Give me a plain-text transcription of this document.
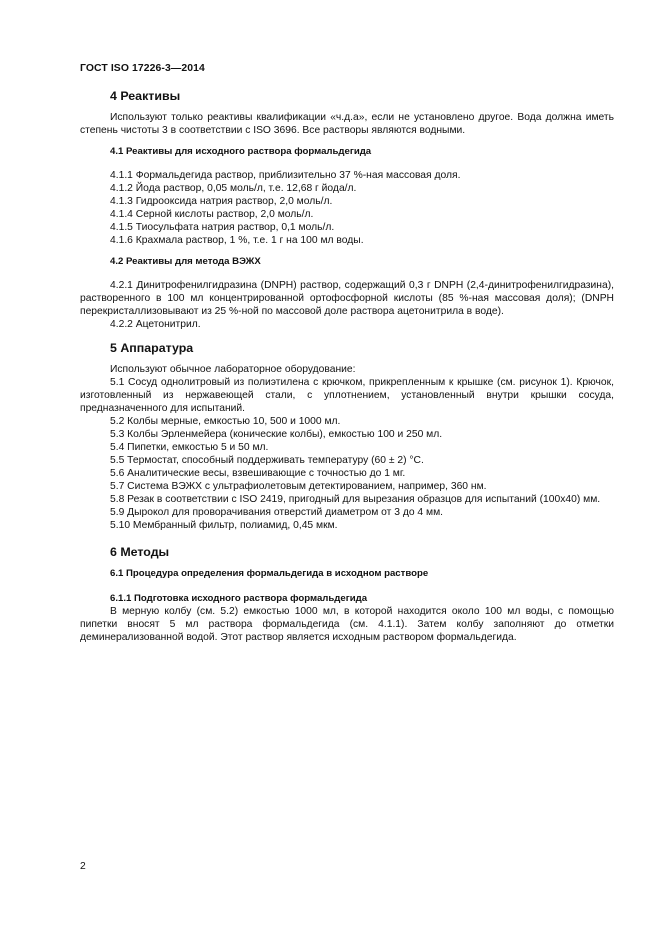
ГОСТ ISO 17226-3—2014
4 Реактивы

Используют только реактивы квалификации «ч.д.а», если не установлено другое. Вода должна иметь степень чистоты 3 в соответствии с ISO 3696. Все растворы являются водными.

4.1 Реактивы для исходного раствора формальдегида

4.1.1 Формальдегида раствор, приблизительно 37 %-ная массовая доля.

4.1.2 Йода раствор, 0,05 моль/л, т.е. 12,68 г йода/л.

4.1.3 Гидрооксида натрия раствор, 2,0 моль/л.

4.1.4 Серной кислоты раствор, 2,0 моль/л.

4.1.5 Тиосульфата натрия раствор, 0,1 моль/л.

4.1.6 Крахмала раствор, 1 %, т.е. 1 г на 100 мл воды.

4.2 Реактивы для метода ВЭЖХ

4.2.1 Динитрофенилгидразина (DNPH) раствор, содержащий 0,3 г DNPH (2,4-динитрофенилгидразина), растворенного в 100 мл концентрированной ортофосфорной кислоты (85 %-ная массовая доля); (DNPH перекристаллизовывают из 25 %-ной по массовой доле раствора ацетонитрила в воде).

4.2.2 Ацетонитрил.

5 Аппаратура

Используют обычное лабораторное оборудование:

5.1 Сосуд однолитровый из полиэтилена с крючком, прикрепленным к крышке (см. рисунок 1). Крючок, изготовленный из нержавеющей стали, с уплотнением, установленный внутри крышки сосуда, предназначенного для испытаний.

5.2 Колбы мерные, емкостью 10, 500 и 1000 мл.

5.3 Колбы Эрленмейера (конические колбы), емкостью 100 и 250 мл.

5.4 Пипетки, емкостью 5 и 50 мл.

5.5 Термостат, способный поддерживать температуру (60 ± 2) °С.

5.6 Аналитические весы, взвешивающие с точностью до 1 мг.

5.7 Система ВЭЖХ с ультрафиолетовым детектированием, например, 360 нм.

5.8 Резак в соответствии с ISO 2419, пригодный для вырезания образцов для испытаний (100х40) мм.

5.9 Дырокол для проворачивания отверстий диаметром от 3 до 4 мм.

5.10 Мембранный фильтр, полиамид, 0,45 мкм.

6 Методы
6.1 Процедура определения формальдегида в исходном растворе
6.1.1 Подготовка исходного раствора формальдегида

В мерную колбу (см. 5.2) емкостью 1000 мл, в которой находится около 100 мл воды, с помощью пипетки вносят 5 мл раствора формальдегида (см. 4.1.1). Затем колбу заполняют до отметки деминерализованной водой. Этот раствор является исходным раствором формальдегида.

2
